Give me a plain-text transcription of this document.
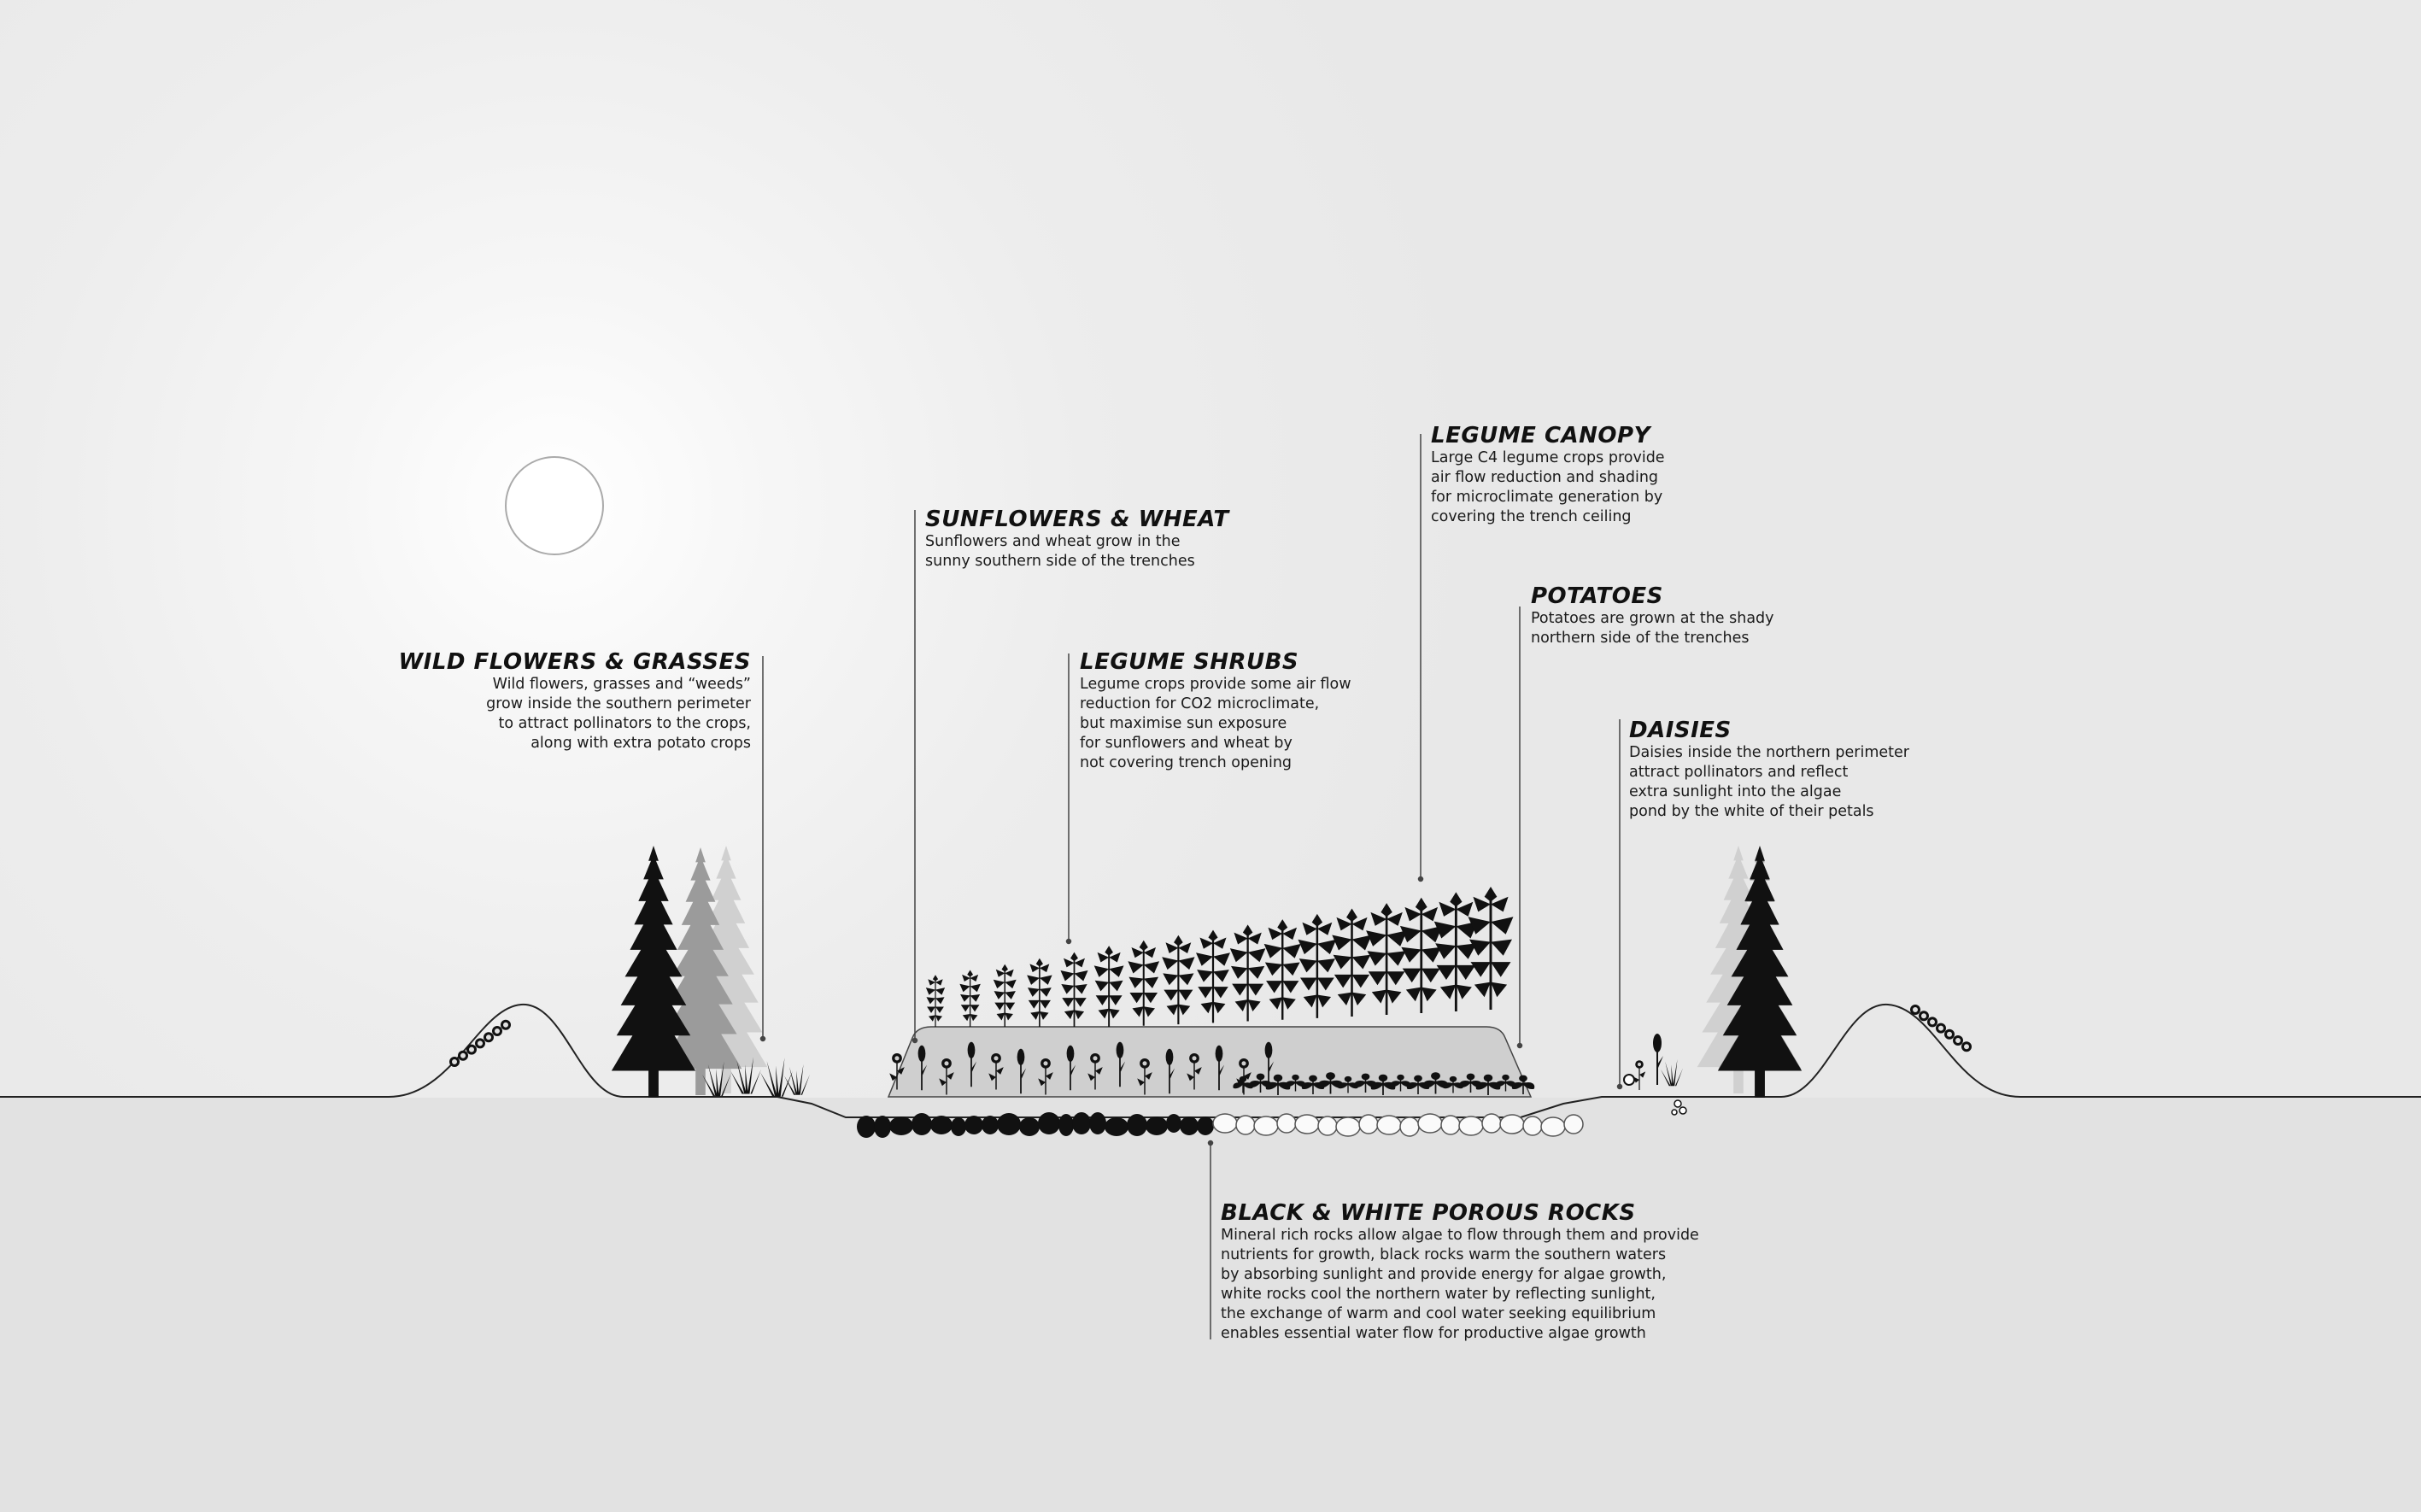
WILD FLOWERS & GRASSES
Wild flowers, grasses and “weeds”
grow inside the southern perimeter
to attract pollinators to the crops,
along with extra potato crops
SUNFLOWERS & WHEAT
Sunflowers and wheat grow in the
sunny southern side of the trenches
LEGUME SHRUBS
Legume crops provide some air flow
reduction for CO2 microclimate,
but maximise sun exposure
for sunflowers and wheat by
not covering trench opening
LEGUME CANOPY
Large C4 legume crops provide
air flow reduction and shading
for microclimate generation by
covering the trench ceiling
POTATOES
Potatoes are grown at the shady
northern side of the trenches
DAISIES
Daisies inside the northern perimeter
attract pollinators and reflect
extra sunlight into the algae
pond by the white of their petals
BLACK & WHITE POROUS ROCKS
Mineral rich rocks allow algae to flow through them and provide
nutrients for growth, black rocks warm the southern waters
by absorbing sunlight and provide energy for algae growth,
white rocks cool the northern water by reflecting sunlight,
the exchange of warm and cool water seeking equilibrium
enables essential water flow for productive algae growth
